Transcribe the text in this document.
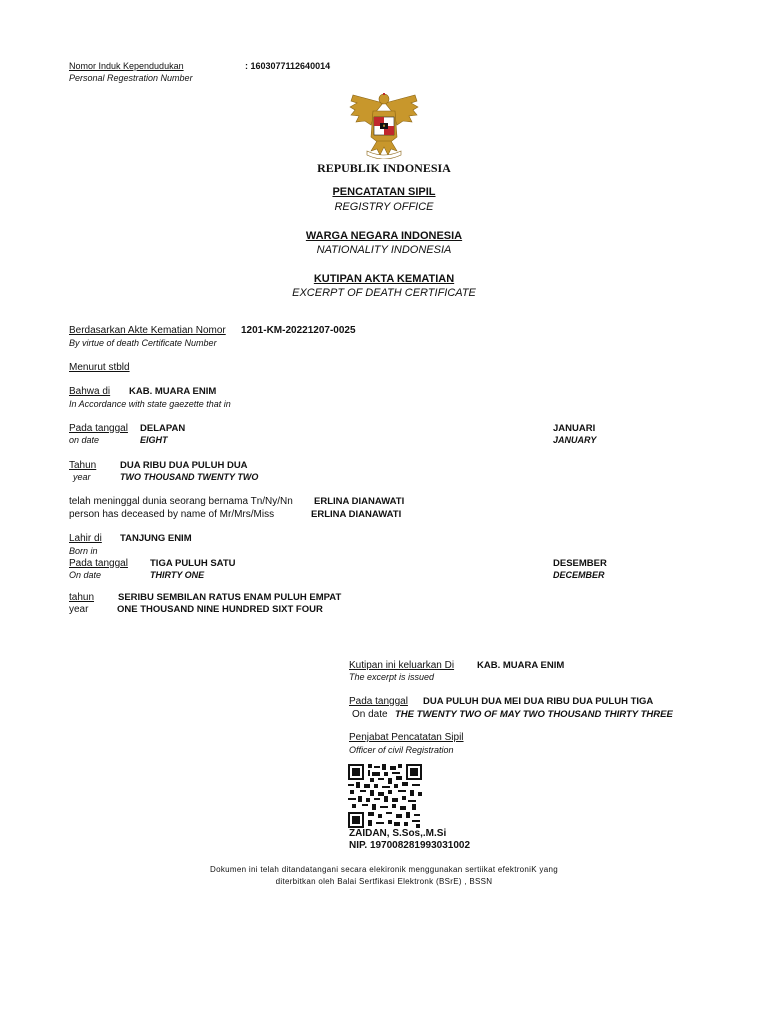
Nomor Induk Kependudukan	: 1603077112640014
Personal Regestration Number
REPUBLIK INDONESIA
PENCATATAN SIPIL
REGISTRY OFFICE
WARGA NEGARA INDONESIA
NATIONALITY INDONESIA
KUTIPAN AKTA KEMATIAN
EXCERPT OF DEATH CERTIFICATE
Berdasarkan Akte Kematian Nomor 1201-KM-20221207-0025
By virtue of death Certificate Number
Menurut stbld
Bahwa di KAB. MUARA ENIM
In Accordance with state gaezette that in
Pada tanggal DELAPAN	JANUARI
on date	EIGHT	JANUARY
Tahun	DUA RIBU DUA PULUH DUA
year	TWO THOUSAND TWENTY TWO
telah meninggal dunia seorang bernama Tn/Ny/Nn ERLINA DIANAWATI
person has deceased by name of Mr/Mrs/Miss	ERLINA DIANAWATI
Lahir di TANJUNG ENIM
Born in
Pada tanggal TIGA PULUH SATU	DESEMBER
On date	THIRTY ONE	DECEMBER
tahun	SERIBU SEMBILAN RATUS ENAM PULUH EMPAT
year	ONE THOUSAND NINE HUNDRED SIXT FOUR
Kutipan ini keluarkan Di KAB. MUARA ENIM
The excerpt is issued
Pada tanggal DUA PULUH DUA MEI DUA RIBU DUA PULUH TIGA
On date THE TWENTY TWO OF MAY TWO THOUSAND THIRTY THREE
Penjabat Pencatatan Sipil
Officer of civil Registration
ZAIDAN, S.Sos,.M.Si
NIP. 197008281993031002
Dokumen ini telah ditandatangani secara elekironik menggunakan sertiikat efektroniK yang
diterbitkan oleh Balai Sertfikasi Elektronk (BSrE) , BSSN
